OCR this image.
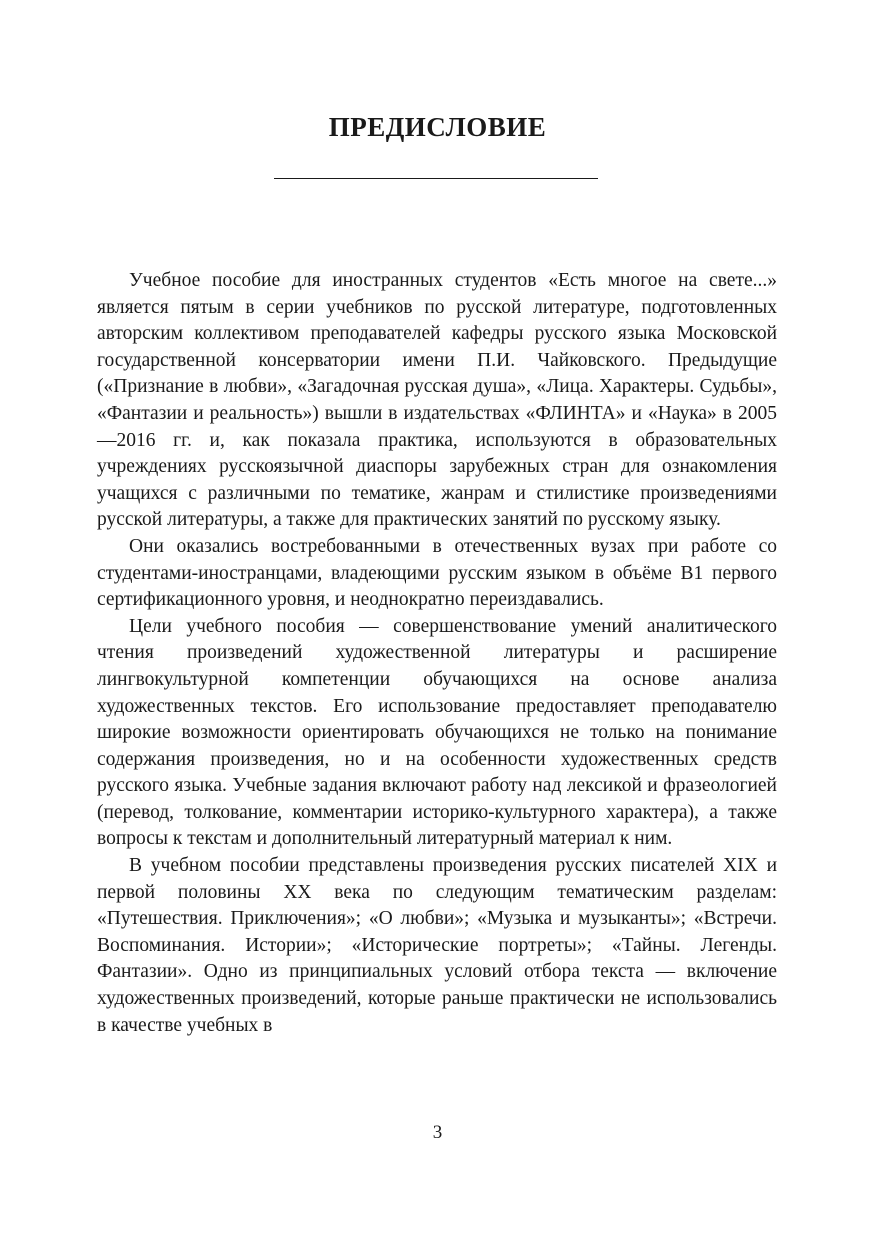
ПРЕДИСЛОВИЕ

Учебное пособие для иностранных студентов «Есть многое на свете...» является пятым в серии учебников по русской литературе, подготовленных авторским коллективом преподавателей кафедры русского языка Московской государственной консерватории имени П.И. Чайковского. Предыдущие («Признание в любви», «Загадочная русская душа», «Лица. Характеры. Судьбы», «Фантазии и реальность») вышли в издательствах «ФЛИНТА» и «Наука» в 2005—2016 гг. и, как показала практика, используются в образовательных учреждениях русскоязычной диаспоры зарубежных стран для ознакомления учащихся с различными по тематике, жанрам и стилистике произведениями русской литературы, а также для практических занятий по русскому языку.

Они оказались востребованными в отечественных вузах при работе со студентами-иностранцами, владеющими русским языком в объёме В1 первого сертификационного уровня, и неоднократно переиздавались.

Цели учебного пособия — совершенствование умений аналитического чтения произведений художественной литературы и расширение лингвокультурной компетенции обучающихся на основе анализа художественных текстов. Его использование предоставляет преподавателю широкие возможности ориентировать обучающихся не только на понимание содержания произведения, но и на особенности художественных средств русского языка. Учебные задания включают работу над лексикой и фразеологией (перевод, толкование, комментарии историко-культурного характера), а также вопросы к текстам и дополнительный литературный материал к ним.

В учебном пособии представлены произведения русских писателей XIX и первой половины XX века по следующим тематическим разделам: «Путешествия. Приключения»; «О любви»; «Музыка и музыканты»; «Встречи. Воспоминания. Истории»; «Исторические портреты»; «Тайны. Легенды. Фантазии». Одно из принципиальных условий отбора текста — включение художественных произведений, которые раньше практически не использовались в качестве учебных в

3
